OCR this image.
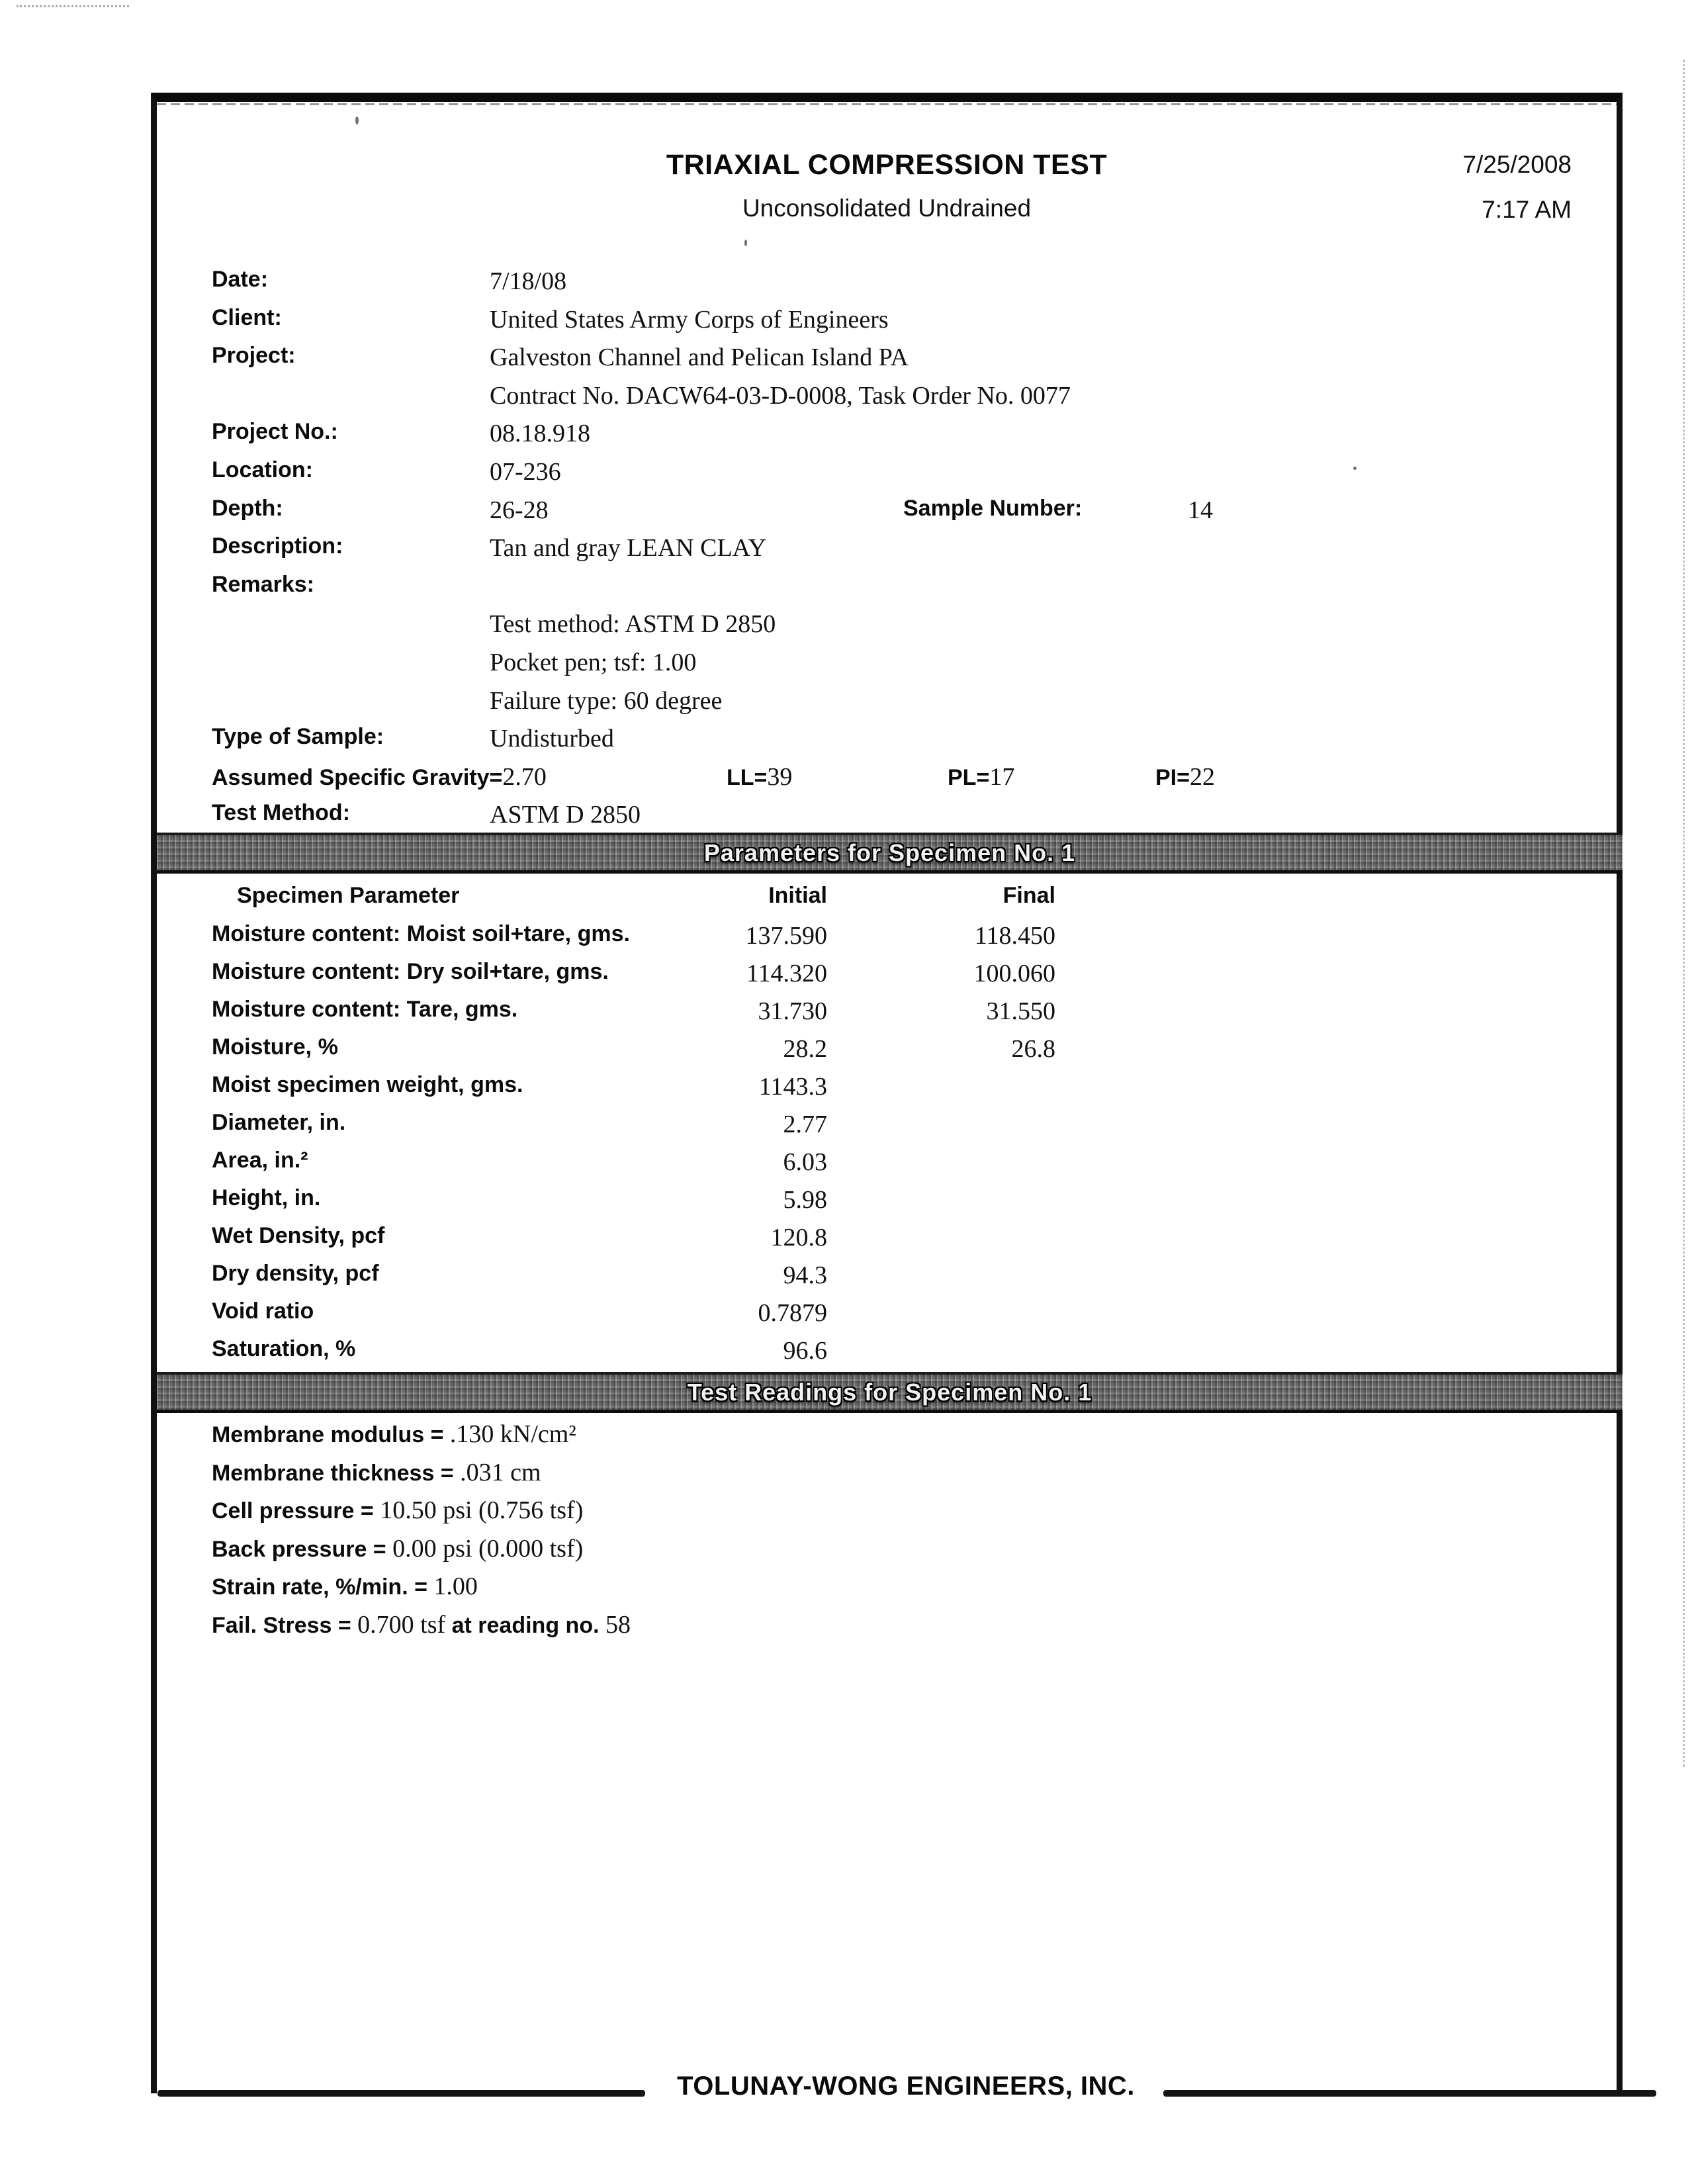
TRIAXIAL COMPRESSION TEST
Unconsolidated Undrained
7/25/2008
7:17 AM
Date:	7/18/08
Client:	United States Army Corps of Engineers
Project:	Galveston Channel and Pelican Island PA
Contract No. DACW64-03-D-0008, Task Order No. 0077
Project No.:	08.18.918
Location:	07-236
Depth:	26-28	Sample Number:	14
Description:	Tan and gray LEAN CLAY
Remarks:
Test method: ASTM D 2850
Pocket pen; tsf: 1.00
Failure type: 60 degree
Type of Sample:	Undisturbed
Assumed Specific Gravity=2.70	LL=39	PL=17	PI=22
Test Method:	ASTM D 2850
Parameters for Specimen No. 1
Specimen Parameter	Initial	Final
Moisture content: Moist soil+tare, gms.	137.590	118.450
Moisture content: Dry soil+tare, gms.	114.320	100.060
Moisture content: Tare, gms.	31.730	31.550
Moisture, %	28.2	26.8
Moist specimen weight, gms.	1143.3
Diameter, in.	2.77
Area, in.²	6.03
Height, in.	5.98
Wet Density, pcf	120.8
Dry density, pcf	94.3
Void ratio	0.7879
Saturation, %	96.6
Test Readings for Specimen No. 1
Membrane modulus = .130 kN/cm²
Membrane thickness = .031 cm
Cell pressure = 10.50 psi (0.756 tsf)
Back pressure = 0.00 psi (0.000 tsf)
Strain rate, %/min. = 1.00
Fail. Stress = 0.700 tsf at reading no. 58
TOLUNAY-WONG ENGINEERS, INC.
